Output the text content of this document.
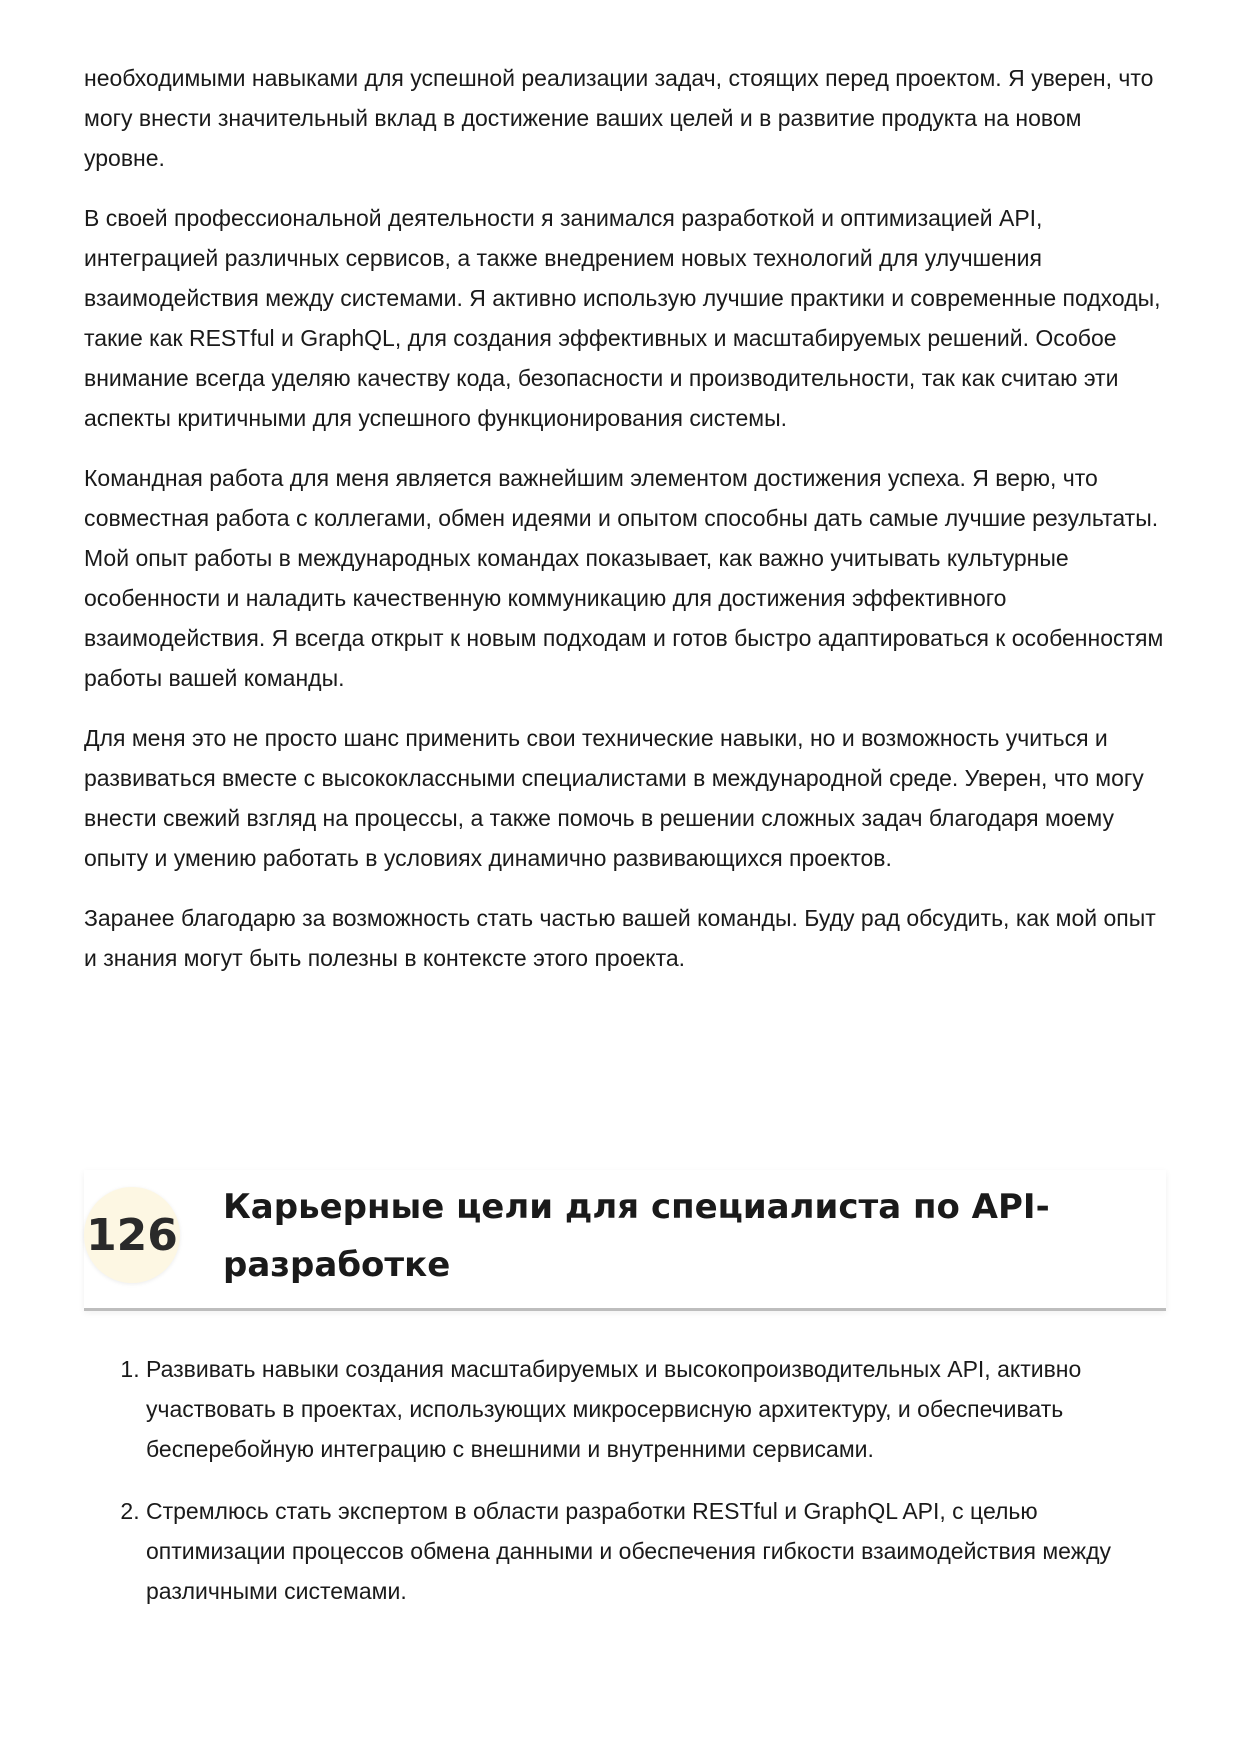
необходимыми навыками для успешной реализации задач, стоящих перед проектом. Я уверен, что могу внести значительный вклад в достижение ваших целей и в развитие продукта на новом уровне.

В своей профессиональной деятельности я занимался разработкой и оптимизацией API, интеграцией различных сервисов, а также внедрением новых технологий для улучшения взаимодействия между системами. Я активно использую лучшие практики и современные подходы, такие как RESTful и GraphQL, для создания эффективных и масштабируемых решений. Особое внимание всегда уделяю качеству кода, безопасности и производительности, так как считаю эти аспекты критичными для успешного функционирования системы.

Командная работа для меня является важнейшим элементом достижения успеха. Я верю, что совместная работа с коллегами, обмен идеями и опытом способны дать самые лучшие результаты. Мой опыт работы в международных командах показывает, как важно учитывать культурные особенности и наладить качественную коммуникацию для достижения эффективного взаимодействия. Я всегда открыт к новым подходам и готов быстро адаптироваться к особенностям работы вашей команды.

Для меня это не просто шанс применить свои технические навыки, но и возможность учиться и развиваться вместе с высококлассными специалистами в международной среде. Уверен, что могу внести свежий взгляд на процессы, а также помочь в решении сложных задач благодаря моему опыту и умению работать в условиях динамично развивающихся проектов.

Заранее благодарю за возможность стать частью вашей команды. Буду рад обсудить, как мой опыт и знания могут быть полезны в контексте этого проекта.

126
Карьерные цели для специалиста по API-разработке
1. Развивать навыки создания масштабируемых и высокопроизводительных API, активно участвовать в проектах, использующих микросервисную архитектуру, и обеспечивать бесперебойную интеграцию с внешними и внутренними сервисами.
2. Стремлюсь стать экспертом в области разработки RESTful и GraphQL API, с целью оптимизации процессов обмена данными и обеспечения гибкости взаимодействия между различными системами.
